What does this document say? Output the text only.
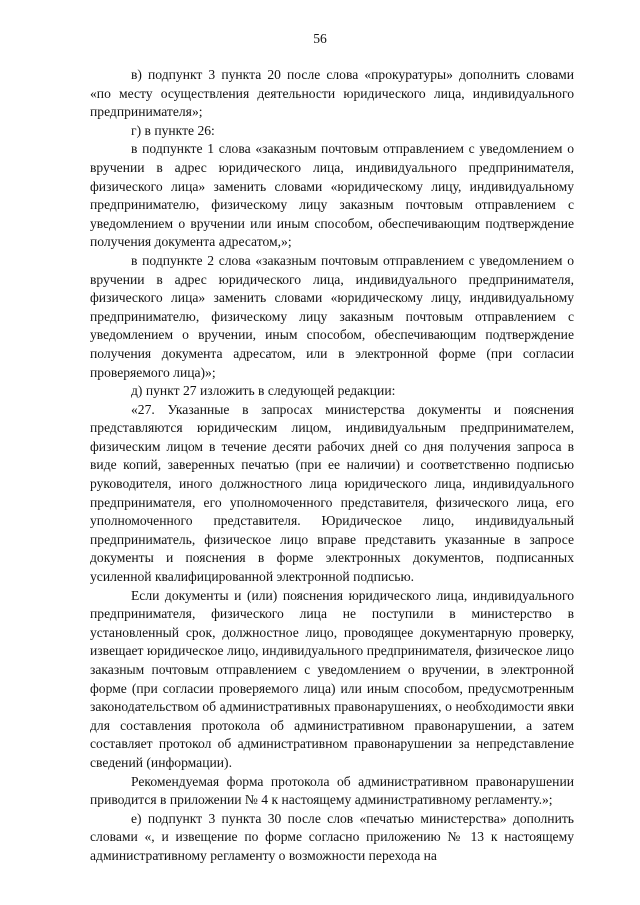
56

в) подпункт 3 пункта 20 после слова «прокуратуры» дополнить словами «по месту осуществления деятельности юридического лица, индивидуального предпринимателя»;

г) в пункте 26:

в подпункте 1 слова «заказным почтовым отправлением с уведомлением о вручении в адрес юридического лица, индивидуального предпринимателя, физического лица» заменить словами «юридическому лицу, индивидуальному предпринимателю, физическому лицу заказным почтовым отправлением с уведомлением о вручении или иным способом, обеспечивающим подтверждение получения документа адресатом,»;

в подпункте 2 слова «заказным почтовым отправлением с уведомлением о вручении в адрес юридического лица, индивидуального предпринимателя, физического лица» заменить словами «юридическому лицу, индивидуальному предпринимателю, физическому лицу заказным почтовым отправлением с уведомлением о вручении, иным способом, обеспечивающим подтверждение получения документа адресатом, или в электронной форме (при согласии проверяемого лица)»;

д) пункт 27 изложить в следующей редакции:

«27. Указанные в запросах министерства документы и пояснения представляются юридическим лицом, индивидуальным предпринимателем, физическим лицом в течение десяти рабочих дней со дня получения запроса в виде копий, заверенных печатью (при ее наличии) и соответственно подписью руководителя, иного должностного лица юридического лица, индивидуального предпринимателя, его уполномоченного представителя, физического лица, его уполномоченного представителя. Юридическое лицо, индивидуальный предприниматель, физическое лицо вправе представить указанные в запросе документы и пояснения в форме электронных документов, подписанных усиленной квалифицированной электронной подписью.

Если документы и (или) пояснения юридического лица, индивидуального предпринимателя, физического лица не поступили в министерство в установленный срок, должностное лицо, проводящее документарную проверку, извещает юридическое лицо, индивидуального предпринимателя, физическое лицо заказным почтовым отправлением с уведомлением о вручении, в электронной форме (при согласии проверяемого лица) или иным способом, предусмотренным законодательством об административных правонарушениях, о необходимости явки для составления протокола об административном правонарушении, а затем составляет протокол об административном правонарушении за непредставление сведений (информации).

Рекомендуемая форма протокола об административном правонарушении приводится в приложении № 4 к настоящему административному регламенту.»;

е) подпункт 3 пункта 30 после слов «печатью министерства» дополнить словами «, и извещение по форме согласно приложению № 13 к настоящему административному регламенту о возможности перехода на
